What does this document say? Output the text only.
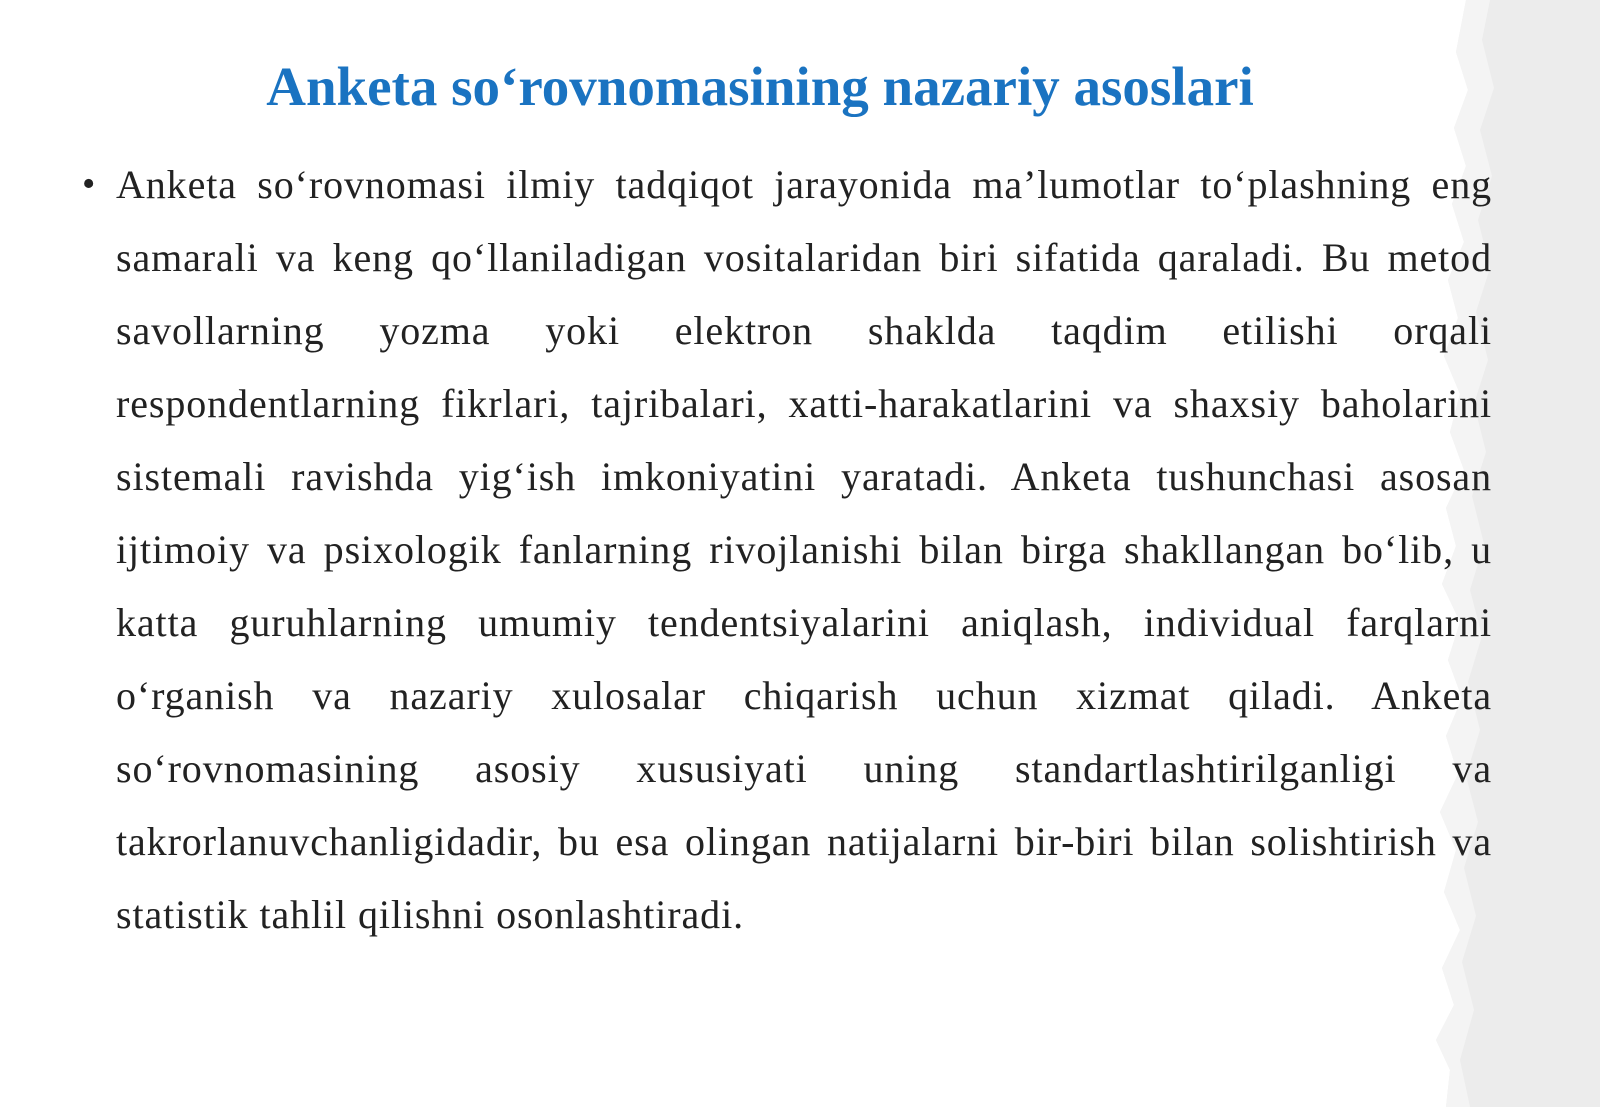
Anketa so‘rovnomasining nazariy asoslari
• Anketa so‘rovnomasi ilmiy tadqiqot jarayonida ma’lumotlar to‘plashning eng samarali va keng qo‘llaniladigan vositalaridan biri sifatida qaraladi. Bu metod savollarning yozma yoki elektron shaklda taqdim etilishi orqali respondentlarning fikrlari, tajribalari, xatti-harakatlarini va shaxsiy baholarini sistemali ravishda yig‘ish imkoniyatini yaratadi. Anketa tushunchasi asosan ijtimoiy va psixologik fanlarning rivojlanishi bilan birga shakllangan bo‘lib, u katta guruhlarning umumiy tendentsiyalarini aniqlash, individual farqlarni o‘rganish va nazariy xulosalar chiqarish uchun xizmat qiladi. Anketa so‘rovnomasining asosiy xususiyati uning standartlashtirilganligi va takrorlanuvchanligidadir, bu esa olingan natijalarni bir-biri bilan solishtirish va statistik tahlil qilishni osonlashtiradi.
